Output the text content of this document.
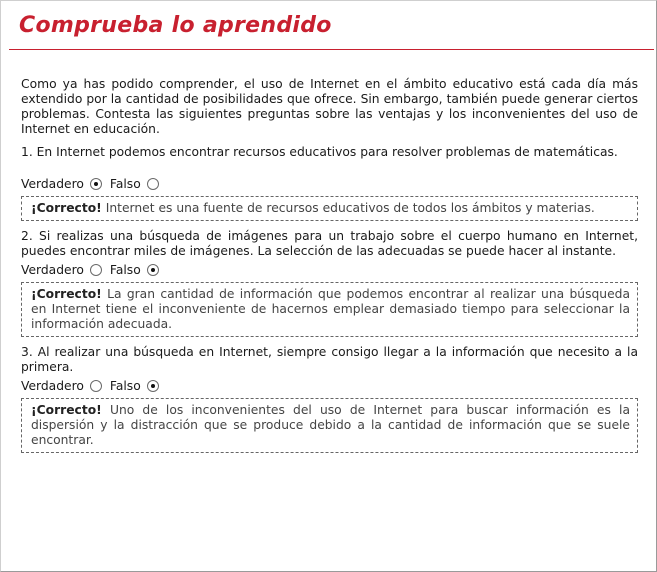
Comprueba lo aprendido

Como ya has podido comprender, el uso de Internet en el ámbito educativo está cada día más extendido por la cantidad de posibilidades que ofrece. Sin embargo, también puede generar ciertos problemas. Contesta las siguientes preguntas sobre las ventajas y los inconvenientes del uso de Internet en educación.

1. En Internet podemos encontrar recursos educativos para resolver problemas de matemáticas.

Verdadero Falso
¡Correcto! Internet es una fuente de recursos educativos de todos los ámbitos y materias.

2. Si realizas una búsqueda de imágenes para un trabajo sobre el cuerpo humano en Internet, puedes encontrar miles de imágenes. La selección de las adecuadas se puede hacer al instante.

Verdadero Falso
¡Correcto! La gran cantidad de información que podemos encontrar al realizar una búsqueda en Internet tiene el inconveniente de hacernos emplear demasiado tiempo para seleccionar la información adecuada.

3. Al realizar una búsqueda en Internet, siempre consigo llegar a la información que necesito a la primera.

Verdadero Falso
¡Correcto! Uno de los inconvenientes del uso de Internet para buscar información es la dispersión y la distracción que se produce debido a la cantidad de información que se suele encontrar.
